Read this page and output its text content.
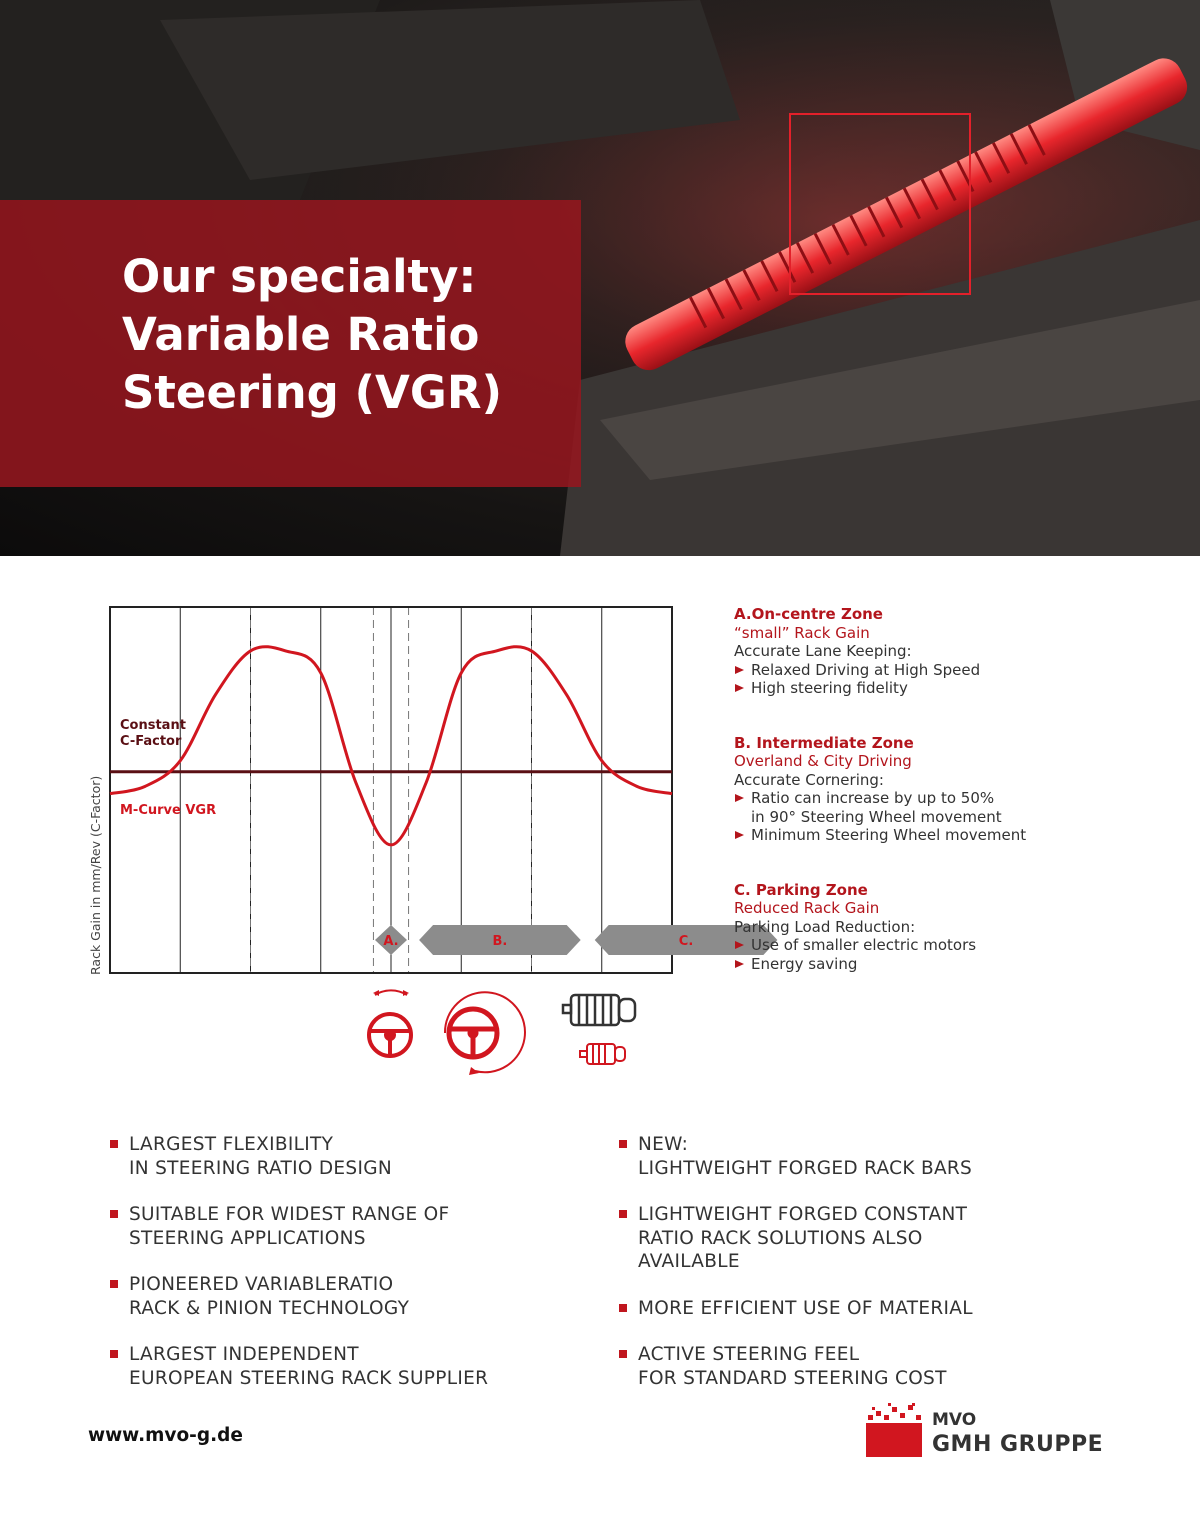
Our specialty:
Variable Ratio
Steering (VGR)
Constant
C-Factor
M-Curve VGR
Rack Gain in mm/Rev (C-Factor)	A.	B.	C.
A.On-centre Zone
“small” Rack Gain
Accurate Lane Keeping:
Relaxed Driving at High Speed
High steering fidelity
B. Intermediate Zone
Overland & City Driving
Accurate Cornering:
Ratio can increase by up to 50%
in 90° Steering Wheel movement
Minimum Steering Wheel movement
C. Parking Zone
Reduced Rack Gain
Parking Load Reduction:
Use of smaller electric motors
Energy saving
LARGEST FLEXIBILITY
IN STEERING RATIO DESIGN
SUITABLE FOR WIDEST RANGE OF
STEERING APPLICATIONS
PIONEERED VARIABLERATIO
RACK & PINION TECHNOLOGY
LARGEST INDEPENDENT
EUROPEAN STEERING RACK SUPPLIER
NEW:
LIGHTWEIGHT FORGED RACK BARS
LIGHTWEIGHT FORGED CONSTANT
RATIO RACK SOLUTIONS ALSO
AVAILABLE
MORE EFFICIENT USE OF MATERIAL
ACTIVE STEERING FEEL
FOR STANDARD STEERING COST
www.mvo-g.de
MVO
GMH GRUPPE
